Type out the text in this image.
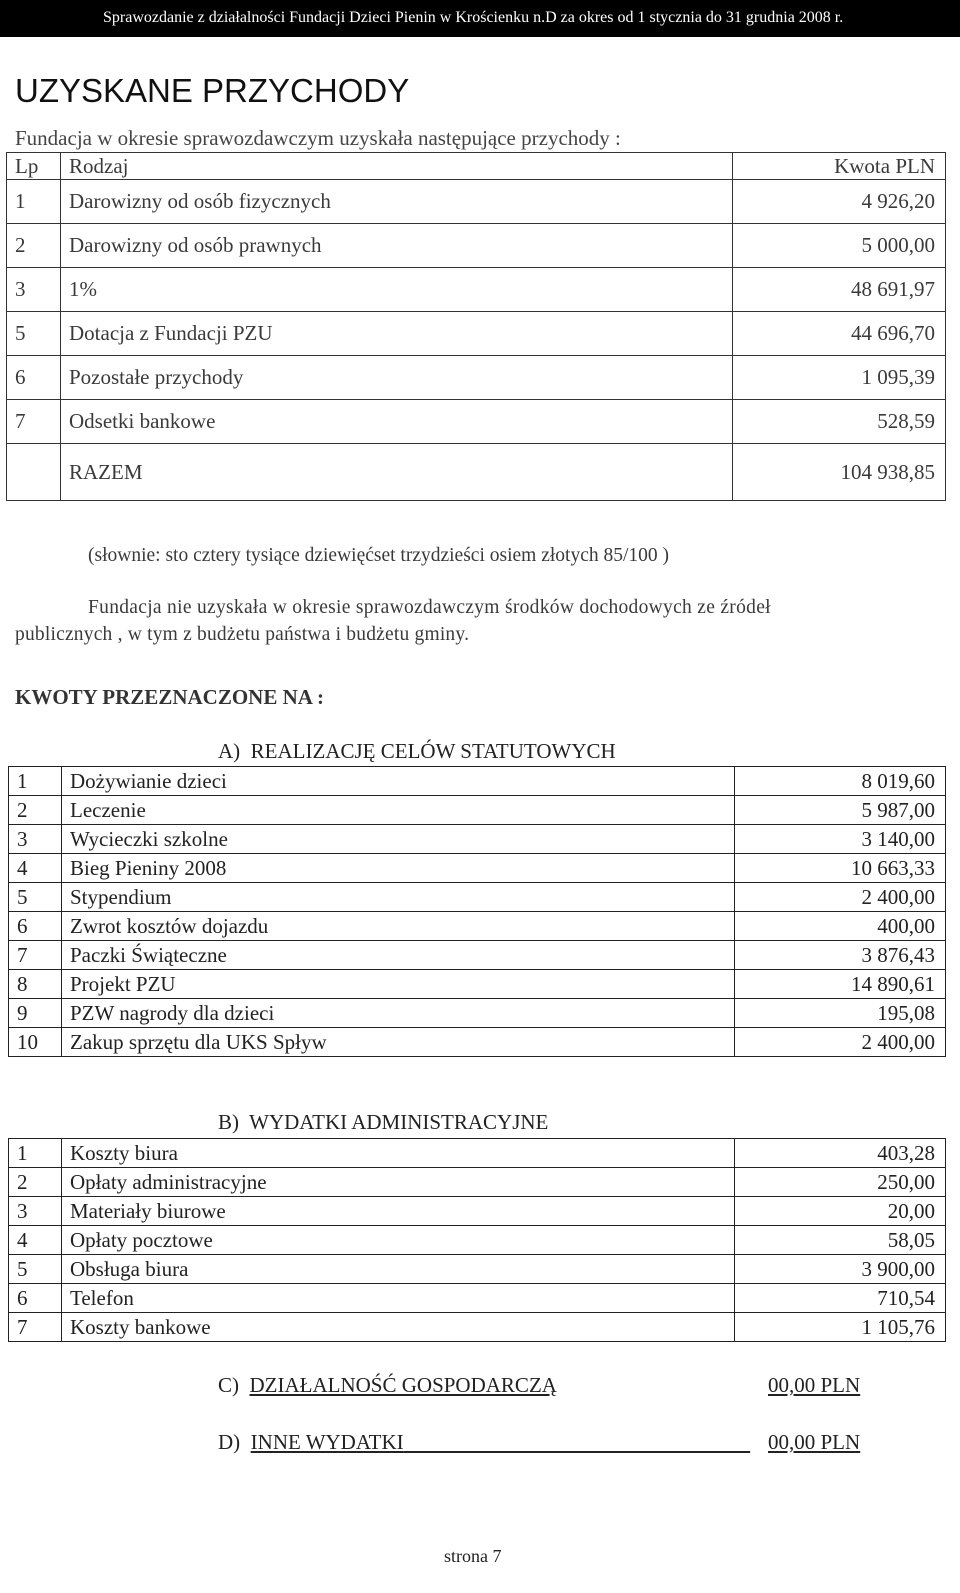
Sprawozdanie z działalności Fundacji Dzieci Pienin w Krościenku n.D za okres od 1 stycznia do 31 grudnia 2008 r.
UZYSKANE PRZYCHODY
Fundacja w okresie sprawozdawczym uzyskała następujące przychody :
Lp	Rodzaj	Kwota PLN
1	Darowizny od osób fizycznych	4 926,20
2	Darowizny od osób prawnych	5 000,00
3	1%	48 691,97
5	Dotacja z Fundacji PZU	44 696,70
6	Pozostałe przychody	1 095,39
7	Odsetki bankowe	528,59
	RAZEM	104 938,85
(słownie: sto cztery tysiące dziewięćset trzydzieści osiem złotych 85/100 )
Fundacja nie uzyskała w okresie sprawozdawczym środków dochodowych ze źródeł
publicznych , w tym z budżetu państwa i budżetu gminy.
KWOTY PRZEZNACZONE NA :
A) REALIZACJĘ CELÓW STATUTOWYCH
1	Dożywianie dzieci	8 019,60
2	Leczenie	5 987,00
3	Wycieczki szkolne	3 140,00
4	Bieg Pieniny 2008	10 663,33
5	Stypendium	2 400,00
6	Zwrot kosztów dojazdu	400,00
7	Paczki Świąteczne	3 876,43
8	Projekt PZU	14 890,61
9	PZW nagrody dla dzieci	195,08
10	Zakup sprzętu dla UKS Spływ	2 400,00
B) WYDATKI ADMINISTRACYJNE
1	Koszty biura	403,28
2	Opłaty administracyjne	250,00
3	Materiały biurowe	20,00
4	Opłaty pocztowe	58,05
5	Obsługa biura	3 900,00
6	Telefon	710,54
7	Koszty bankowe	1 105,76
C) DZIAŁALNOŚĆ GOSPODARCZĄ	00,00 PLN
D) INNE WYDATKI	00,00 PLN
strona 7
